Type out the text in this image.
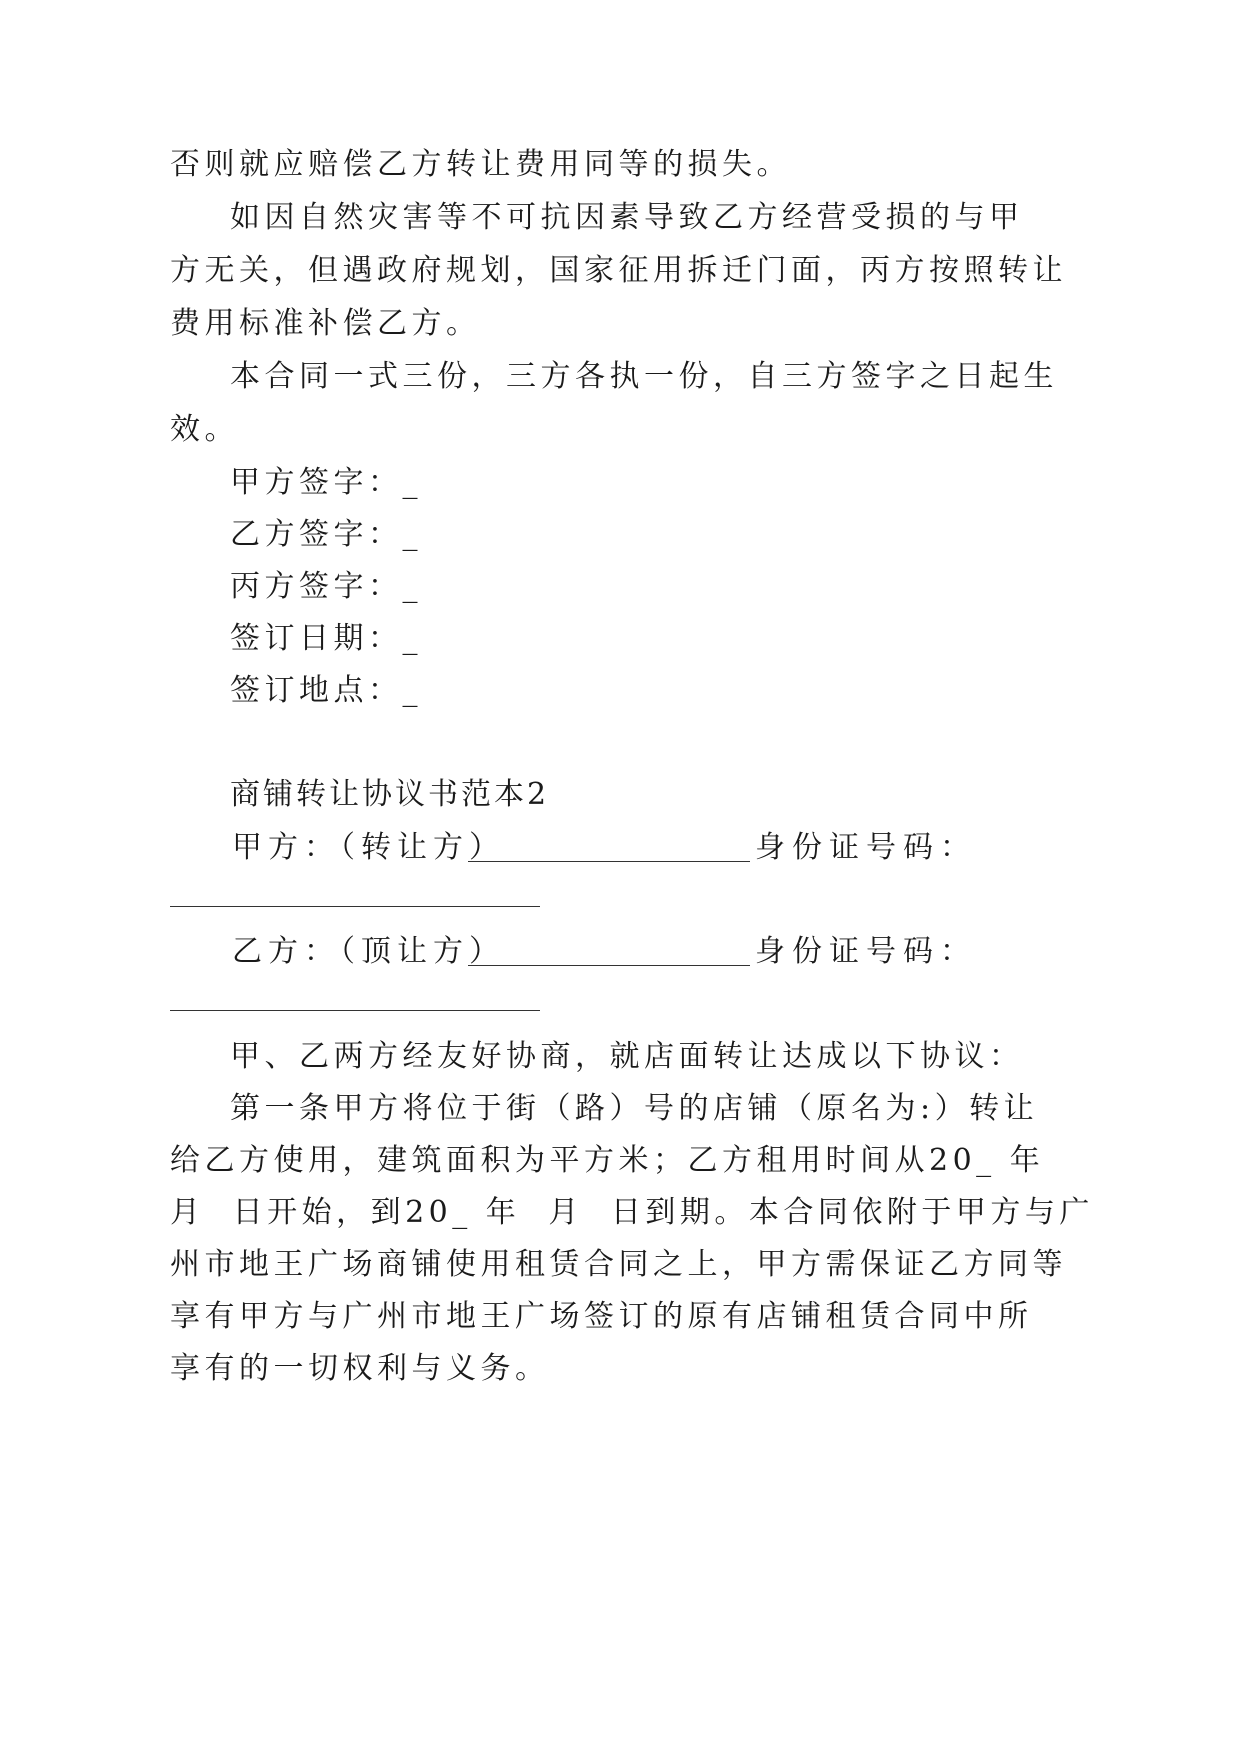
否则就应赔偿乙方转让费用同等的损失。
如因自然灾害等不可抗因素导致乙方经营受损的与甲
方无关，但遇政府规划，国家征用拆迁门面，丙方按照转让
费用标准补偿乙方。
本合同一式三份，三方各执一份，自三方签字之日起生
效。
甲方签字：_
乙方签字：_
丙方签字：_
签订日期：_
签订地点：_
商铺转让协议书范本2
甲方：（转让方）	身份证号码：
乙方：（顶让方）	身份证号码：
甲、乙两方经友好协商，就店面转让达成以下协议：
第一条甲方将位于街（路）号的店铺（原名为:）转让
给乙方使用，建筑面积为平方米；乙方租用时间从20_ 年
月  日开始，到20_ 年  月  日到期。本合同依附于甲方与广
州市地王广场商铺使用租赁合同之上，甲方需保证乙方同等
享有甲方与广州市地王广场签订的原有店铺租赁合同中所
享有的一切权利与义务。
